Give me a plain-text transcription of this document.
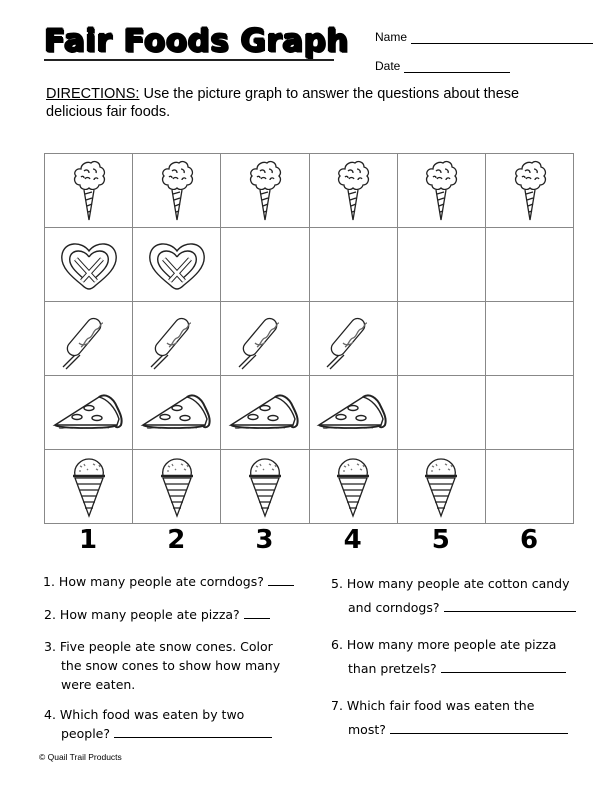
Fair Foods Graph Name
Date
DIRECTIONS: Use the picture graph to answer the questions about these delicious fair foods.
1	2	3	4	5	6
1. How many people ate corndogs?
2. How many people ate pizza?
3. Five people ate snow cones. Color
the snow cones to show how many
were eaten.
4. Which food was eaten by two
people?
5. How many people ate cotton candy
and corndogs?
6. How many more people ate pizza
than pretzels?
7. Which fair food was eaten the
most?
© Quail Trail Products
